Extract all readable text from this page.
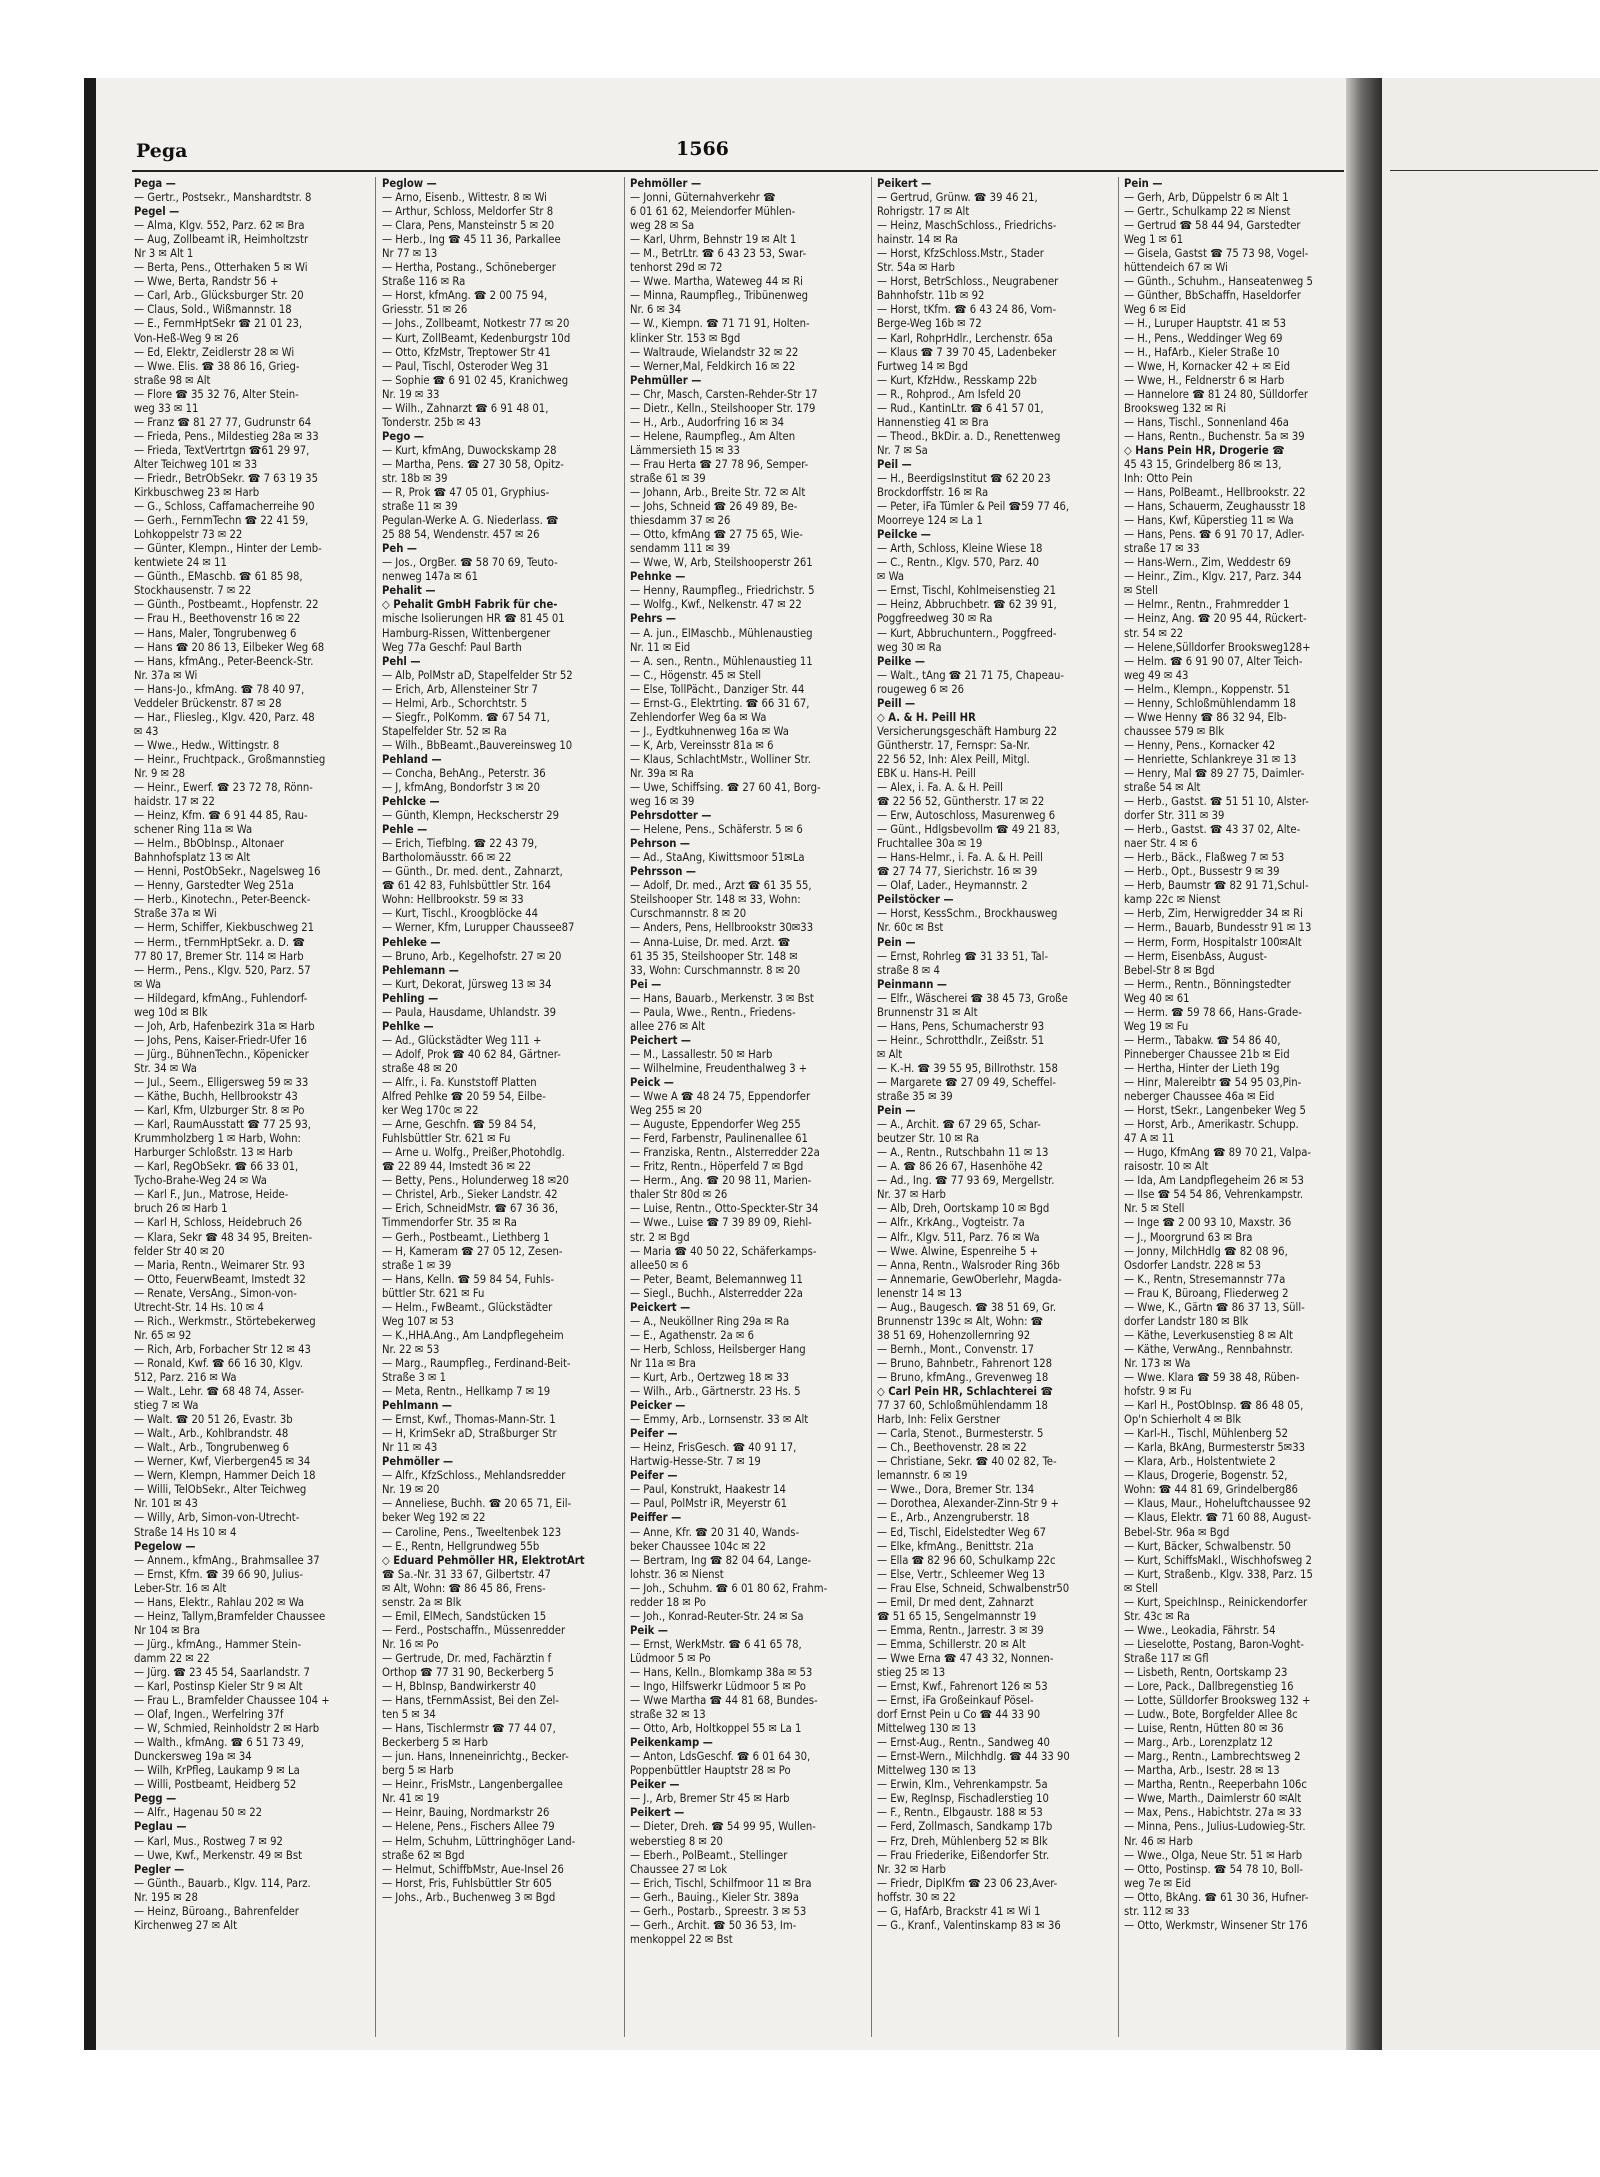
Pega	1566
Pega —
— Gertr., Postsekr., Manshardtstr. 8
Pegel —
— Alma, Klgv. 552, Parz. 62 ✉ Bra
— Aug, Zollbeamt iR, Heimholtzstr
Nr 3 ✉ Alt 1
— Berta, Pens., Otterhaken 5 ✉ Wi
— Wwe, Berta, Randstr 56 +
— Carl, Arb., Glücksburger Str. 20
— Claus, Sold., Wißmannstr. 18
— E., FernmHptSekr ☎ 21 01 23,
Von-Heß-Weg 9 ✉ 26
— Ed, Elektr, Zeidlerstr 28 ✉ Wi
— Wwe. Elis. ☎ 38 86 16, Grieg-
straße 98 ✉ Alt
— Flore ☎ 35 32 76, Alter Stein-
weg 33 ✉ 11
— Franz ☎ 81 27 77, Gudrunstr 64
— Frieda, Pens., Mildestieg 28a ✉ 33
— Frieda, TextVertrtgn ☎61 29 97,
Alter Teichweg 101 ✉ 33
— Friedr., BetrObSekr. ☎ 7 63 19 35
Kirkbuschweg 23 ✉ Harb
— G., Schloss, Caffamacherreihe 90
— Gerh., FernmTechn ☎ 22 41 59,
Lohkoppelstr 73 ✉ 22
— Günter, Klempn., Hinter der Lemb-
kentwiete 24 ✉ 11
— Günth., EMaschb. ☎ 61 85 98,
Stockhausenstr. 7 ✉ 22
— Günth., Postbeamt., Hopfenstr. 22
— Frau H., Beethovenstr 16 ✉ 22
— Hans, Maler, Tongrubenweg 6
— Hans ☎ 20 86 13, Eilbeker Weg 68
— Hans, kfmAng., Peter-Beenck-Str.
Nr. 37a ✉ Wi
— Hans-Jo., kfmAng. ☎ 78 40 97,
Veddeler Brückenstr. 87 ✉ 28
— Har., Fliesleg., Klgv. 420, Parz. 48
✉ 43
— Wwe., Hedw., Wittingstr. 8
— Heinr., Fruchtpack., Großmannstieg
Nr. 9 ✉ 28
— Heinr., Ewerf. ☎ 23 72 78, Rönn-
haidstr. 17 ✉ 22
— Heinz, Kfm. ☎ 6 91 44 85, Rau-
schener Ring 11a ✉ Wa
— Helm., BbObInsp., Altonaer
Bahnhofsplatz 13 ✉ Alt
— Henni, PostObSekr., Nagelsweg 16
— Henny, Garstedter Weg 251a
— Herb., Kinotechn., Peter-Beenck-
Straße 37a ✉ Wi
— Herm, Schiffer, Kiekbuschweg 21
— Herm., tFernmHptSekr. a. D. ☎
77 80 17, Bremer Str. 114 ✉ Harb
— Herm., Pens., Klgv. 520, Parz. 57
✉ Wa
— Hildegard, kfmAng., Fuhlendorf-
weg 10d ✉ Blk
— Joh, Arb, Hafenbezirk 31a ✉ Harb
— Johs, Pens, Kaiser-Friedr-Ufer 16
— Jürg., BühnenTechn., Köpenicker
Str. 34 ✉ Wa
— Jul., Seem., Elligersweg 59 ✉ 33
— Käthe, Buchh, Hellbrookstr 43
— Karl, Kfm, Ulzburger Str. 8 ✉ Po
— Karl, RaumAusstatt ☎ 77 25 93,
Krummholzberg 1 ✉ Harb, Wohn:
Harburger Schloßstr. 13 ✉ Harb
— Karl, RegObSekr. ☎ 66 33 01,
Tycho-Brahe-Weg 24 ✉ Wa
— Karl F., Jun., Matrose, Heide-
bruch 26 ✉ Harb 1
— Karl H, Schloss, Heidebruch 26
— Klara, Sekr ☎ 48 34 95, Breiten-
felder Str 40 ✉ 20
— Maria, Rentn., Weimarer Str. 93
— Otto, FeuerwBeamt, Imstedt 32
— Renate, VersAng., Simon-von-
Utrecht-Str. 14 Hs. 10 ✉ 4
— Rich., Werkmstr., Störtebekerweg
Nr. 65 ✉ 92
— Rich, Arb, Forbacher Str 12 ✉ 43
— Ronald, Kwf. ☎ 66 16 30, Klgv.
512, Parz. 216 ✉ Wa
— Walt., Lehr. ☎ 68 48 74, Asser-
stieg 7 ✉ Wa
— Walt. ☎ 20 51 26, Evastr. 3b
— Walt., Arb., Kohlbrandstr. 48
— Walt., Arb., Tongrubenweg 6
— Werner, Kwf, Vierbergen45 ✉ 34
— Wern, Klempn, Hammer Deich 18
— Willi, TelObSekr., Alter Teichweg
Nr. 101 ✉ 43
— Willy, Arb, Simon-von-Utrecht-
Straße 14 Hs 10 ✉ 4
Pegelow —
— Annem., kfmAng., Brahmsallee 37
— Ernst, Kfm. ☎ 39 66 90, Julius-
Leber-Str. 16 ✉ Alt
— Hans, Elektr., Rahlau 202 ✉ Wa
— Heinz, Tallym,Bramfelder Chaussee
Nr 104 ✉ Bra
— Jürg., kfmAng., Hammer Stein-
damm 22 ✉ 22
— Jürg. ☎ 23 45 54, Saarlandstr. 7
— Karl, Postinsp Kieler Str 9 ✉ Alt
— Frau L., Bramfelder Chaussee 104 +
— Olaf, Ingen., Werfelring 37f
— W, Schmied, Reinholdstr 2 ✉ Harb
— Walth., kfmAng. ☎ 6 51 73 49,
Dunckersweg 19a ✉ 34
— Wilh, KrPfleg, Laukamp 9 ✉ La
— Willi, Postbeamt, Heidberg 52
Pegg —
— Alfr., Hagenau 50 ✉ 22
Peglau —
— Karl, Mus., Rostweg 7 ✉ 92
— Uwe, Kwf., Merkenstr. 49 ✉ Bst
Pegler —
— Günth., Bauarb., Klgv. 114, Parz.
Nr. 195 ✉ 28
— Heinz, Büroang., Bahrenfelder
Kirchenweg 27 ✉ Alt
Peglow —
— Arno, Eisenb., Wittestr. 8 ✉ Wi
— Arthur, Schloss, Meldorfer Str 8
— Clara, Pens, Mansteinstr 5 ✉ 20
— Herb., Ing ☎ 45 11 36, Parkallee
Nr 77 ✉ 13
— Hertha, Postang., Schöneberger
Straße 116 ✉ Ra
— Horst, kfmAng. ☎ 2 00 75 94,
Griesstr. 51 ✉ 26
— Johs., Zollbeamt, Notkestr 77 ✉ 20
— Kurt, ZollBeamt, Kedenburgstr 10d
— Otto, KfzMstr, Treptower Str 41
— Paul, Tischl, Osteroder Weg 31
— Sophie ☎ 6 91 02 45, Kranichweg
Nr. 19 ✉ 33
— Wilh., Zahnarzt ☎ 6 91 48 01,
Tonderstr. 25b ✉ 43
Pego —
— Kurt, kfmAng, Duwockskamp 28
— Martha, Pens. ☎ 27 30 58, Opitz-
str. 18b ✉ 39
— R, Prok ☎ 47 05 01, Gryphius-
straße 11 ✉ 39
Pegulan-Werke A. G. Niederlass. ☎
25 88 54, Wendenstr. 457 ✉ 26
Peh —
— Jos., OrgBer. ☎ 58 70 69, Teuto-
nenweg 147a ✉ 61
Pehalit —
◇ Pehalit GmbH Fabrik für che-
mische Isolierungen HR ☎ 81 45 01
Hamburg-Rissen, Wittenbergener
Weg 77a Geschf: Paul Barth
Pehl —
— Alb, PolMstr aD, Stapelfelder Str 52
— Erich, Arb, Allensteiner Str 7
— Helmi, Arb., Schorchtstr. 5
— Siegfr., PolKomm. ☎ 67 54 71,
Stapelfelder Str. 52 ✉ Ra
— Wilh., BbBeamt.,Bauvereinsweg 10
Pehland —
— Concha, BehAng., Peterstr. 36
— J, kfmAng, Bondorfstr 3 ✉ 20
Pehlcke —
— Günth, Klempn, Heckscherstr 29
Pehle —
— Erich, Tiefblng. ☎ 22 43 79,
Bartholomäusstr. 66 ✉ 22
— Günth., Dr. med. dent., Zahnarzt,
☎ 61 42 83, Fuhlsbüttler Str. 164
Wohn: Hellbrookstr. 59 ✉ 33
— Kurt, Tischl., Kroogblöcke 44
— Werner, Kfm, Lurupper Chaussee87
Pehleke —
— Bruno, Arb., Kegelhofstr. 27 ✉ 20
Pehlemann —
— Kurt, Dekorat, Jürsweg 13 ✉ 34
Pehling —
— Paula, Hausdame, Uhlandstr. 39
Pehlke —
— Ad., Glückstädter Weg 111 +
— Adolf, Prok ☎ 40 62 84, Gärtner-
straße 48 ✉ 20
— Alfr., i. Fa. Kunststoff Platten
Alfred Pehlke ☎ 20 59 54, Eilbe-
ker Weg 170c ✉ 22
— Arne, Geschfn. ☎ 59 84 54,
Fuhlsbüttler Str. 621 ✉ Fu
— Arne u. Wolfg., Preißer,Photohdlg.
☎ 22 89 44, Imstedt 36 ✉ 22
— Betty, Pens., Holunderweg 18 ✉20
— Christel, Arb., Sieker Landstr. 42
— Erich, SchneidMstr. ☎ 67 36 36,
Timmendorfer Str. 35 ✉ Ra
— Gerh., Postbeamt., Liethberg 1
— H, Kameram ☎ 27 05 12, Zesen-
straße 1 ✉ 39
— Hans, Kelln. ☎ 59 84 54, Fuhls-
büttler Str. 621 ✉ Fu
— Helm., FwBeamt., Glückstädter
Weg 107 ✉ 53
— K.,HHA.Ang., Am Landpflegeheim
Nr. 22 ✉ 53
— Marg., Raumpfleg., Ferdinand-Beit-
Straße 3 ✉ 1
— Meta, Rentn., Hellkamp 7 ✉ 19
Pehlmann —
— Ernst, Kwf., Thomas-Mann-Str. 1
— H, KrimSekr aD, Straßburger Str
Nr 11 ✉ 43
Pehmöller —
— Alfr., KfzSchloss., Mehlandsredder
Nr. 19 ✉ 20
— Anneliese, Buchh. ☎ 20 65 71, Eil-
beker Weg 192 ✉ 22
— Caroline, Pens., Tweeltenbek 123
— E., Rentn, Hellgrundweg 55b
◇ Eduard Pehmöller HR, ElektrotArt
☎ Sa.-Nr. 31 33 67, Gilbertstr. 47
✉ Alt, Wohn: ☎ 86 45 86, Frens-
senstr. 2a ✉ Blk
— Emil, ElMech, Sandstücken 15
— Ferd., Postschaffn., Müssenredder
Nr. 16 ✉ Po
— Gertrude, Dr. med, Fachärztin f
Orthop ☎ 77 31 90, Beckerberg 5
— H, BbInsp, Bandwirkerstr 40
— Hans, tFernmAssist, Bei den Zel-
ten 5 ✉ 34
— Hans, Tischlermstr ☎ 77 44 07,
Beckerberg 5 ✉ Harb
— jun. Hans, Inneneinrichtg., Becker-
berg 5 ✉ Harb
— Heinr., FrisMstr., Langenbergallee
Nr. 41 ✉ 19
— Heinr, Bauing, Nordmarkstr 26
— Helene, Pens., Fischers Allee 79
— Helm, Schuhm, Lüttringhöger Land-
straße 62 ✉ Bgd
— Helmut, SchiffbMstr, Aue-Insel 26
— Horst, Fris, Fuhlsbüttler Str 605
— Johs., Arb., Buchenweg 3 ✉ Bgd
Pehmöller —
— Jonni, Güternahverkehr ☎
6 01 61 62, Meiendorfer Mühlen-
weg 28 ✉ Sa
— Karl, Uhrm, Behnstr 19 ✉ Alt 1
— M., BetrLtr. ☎ 6 43 23 53, Swar-
tenhorst 29d ✉ 72
— Wwe. Martha, Wateweg 44 ✉ Ri
— Minna, Raumpfleg., Tribünenweg
Nr. 6 ✉ 34
— W., Kiempn. ☎ 71 71 91, Holten-
klinker Str. 153 ✉ Bgd
— Waltraude, Wielandstr 32 ✉ 22
— Werner,Mal, Feldkirch 16 ✉ 22
Pehmüller —
— Chr, Masch, Carsten-Rehder-Str 17
— Dietr., Kelln., Steilshooper Str. 179
— H., Arb., Audorfring 16 ✉ 34
— Helene, Raumpfleg., Am Alten
Lämmersieth 15 ✉ 33
— Frau Herta ☎ 27 78 96, Semper-
straße 61 ✉ 39
— Johann, Arb., Breite Str. 72 ✉ Alt
— Johs, Schneid ☎ 26 49 89, Be-
thiesdamm 37 ✉ 26
— Otto, kfmAng ☎ 27 75 65, Wie-
sendamm 111 ✉ 39
— Wwe, W, Arb, Steilshooperstr 261
Pehnke —
— Henny, Raumpfleg., Friedrichstr. 5
— Wolfg., Kwf., Nelkenstr. 47 ✉ 22
Pehrs —
— A. jun., ElMaschb., Mühlenaustieg
Nr. 11 ✉ Eid
— A. sen., Rentn., Mühlenaustieg 11
— C., Högenstr. 45 ✉ Stell
— Else, TollPächt., Danziger Str. 44
— Ernst-G., Elektrting. ☎ 66 31 67,
Zehlendorfer Weg 6a ✉ Wa
— J., Eydtkuhnenweg 16a ✉ Wa
— K, Arb, Vereinsstr 81a ✉ 6
— Klaus, SchlachtMstr., Wolliner Str.
Nr. 39a ✉ Ra
— Uwe, Schiffsing. ☎ 27 60 41, Borg-
weg 16 ✉ 39
Pehrsdotter —
— Helene, Pens., Schäferstr. 5 ✉ 6
Pehrson —
— Ad., StaAng, Kiwittsmoor 51✉La
Pehrsson —
— Adolf, Dr. med., Arzt ☎ 61 35 55,
Steilshooper Str. 148 ✉ 33, Wohn:
Curschmannstr. 8 ✉ 20
— Anders, Pens, Hellbrookstr 30✉33
— Anna-Luise, Dr. med. Arzt. ☎
61 35 35, Steilshooper Str. 148 ✉
33, Wohn: Curschmannstr. 8 ✉ 20
Pei —
— Hans, Bauarb., Merkenstr. 3 ✉ Bst
— Paula, Wwe., Rentn., Friedens-
allee 276 ✉ Alt
Peichert —
— M., Lassallestr. 50 ✉ Harb
— Wilhelmine, Freudenthalweg 3 +
Peick —
— Wwe A ☎ 48 24 75, Eppendorfer
Weg 255 ✉ 20
— Auguste, Eppendorfer Weg 255
— Ferd, Farbenstr, Paulinenallee 61
— Franziska, Rentn., Alsterredder 22a
— Fritz, Rentn., Höperfeld 7 ✉ Bgd
— Herm., Ang. ☎ 20 98 11, Marien-
thaler Str 80d ✉ 26
— Luise, Rentn., Otto-Speckter-Str 34
— Wwe., Luise ☎ 7 39 89 09, Riehl-
str. 2 ✉ Bgd
— Maria ☎ 40 50 22, Schäferkamps-
allee50 ✉ 6
— Peter, Beamt, Belemannweg 11
— Siegl., Buchh., Alsterredder 22a
Peickert —
— A., Neuköllner Ring 29a ✉ Ra
— E., Agathenstr. 2a ✉ 6
— Herb, Schloss, Heilsberger Hang
Nr 11a ✉ Bra
— Kurt, Arb., Oertzweg 18 ✉ 33
— Wilh., Arb., Gärtnerstr. 23 Hs. 5
Peicker —
— Emmy, Arb., Lornsenstr. 33 ✉ Alt
Peifer —
— Heinz, FrisGesch. ☎ 40 91 17,
Hartwig-Hesse-Str. 7 ✉ 19
Peifer —
— Paul, Konstrukt, Haakestr 14
— Paul, PolMstr iR, Meyerstr 61
Peiffer —
— Anne, Kfr. ☎ 20 31 40, Wands-
beker Chaussee 104c ✉ 22
— Bertram, Ing ☎ 82 04 64, Lange-
lohstr. 36 ✉ Nienst
— Joh., Schuhm. ☎ 6 01 80 62, Frahm-
redder 18 ✉ Po
— Joh., Konrad-Reuter-Str. 24 ✉ Sa
Peik —
— Ernst, WerkMstr. ☎ 6 41 65 78,
Lüdmoor 5 ✉ Po
— Hans, Kelln., Blomkamp 38a ✉ 53
— Ingo, Hilfswerkr Lüdmoor 5 ✉ Po
— Wwe Martha ☎ 44 81 68, Bundes-
straße 32 ✉ 13
— Otto, Arb, Holtkoppel 55 ✉ La 1
Peikenkamp —
— Anton, LdsGeschf. ☎ 6 01 64 30,
Poppenbüttler Hauptstr 28 ✉ Po
Peiker —
— J., Arb, Bremer Str 45 ✉ Harb
Peikert —
— Dieter, Dreh. ☎ 54 99 95, Wullen-
weberstieg 8 ✉ 20
— Eberh., PolBeamt., Stellinger
Chaussee 27 ✉ Lok
— Erich, Tischl, Schilfmoor 11 ✉ Bra
— Gerh., Bauing., Kieler Str. 389a
— Gerh., Postarb., Spreestr. 3 ✉ 53
— Gerh., Archit. ☎ 50 36 53, Im-
menkoppel 22 ✉ Bst
Peikert —
— Gertrud, Grünw. ☎ 39 46 21,
Rohrigstr. 17 ✉ Alt
— Heinz, MaschSchloss., Friedrichs-
hainstr. 14 ✉ Ra
— Horst, KfzSchloss.Mstr., Stader
Str. 54a ✉ Harb
— Horst, BetrSchloss., Neugrabener
Bahnhofstr. 11b ✉ 92
— Horst, tKfm. ☎ 6 43 24 86, Vom-
Berge-Weg 16b ✉ 72
— Karl, RohprHdlr., Lerchenstr. 65a
— Klaus ☎ 7 39 70 45, Ladenbeker
Furtweg 14 ✉ Bgd
— Kurt, KfzHdw., Resskamp 22b
— R., Rohprod., Am Isfeld 20
— Rud., KantinLtr. ☎ 6 41 57 01,
Hannenstieg 41 ✉ Bra
— Theod., BkDir. a. D., Renettenweg
Nr. 7 ✉ Sa
Peil —
— H., BeerdigsInstitut ☎ 62 20 23
Brockdorffstr. 16 ✉ Ra
— Peter, iFa Tümler & Peil ☎59 77 46,
Moorreye 124 ✉ La 1
Peilcke —
— Arth, Schloss, Kleine Wiese 18
— C., Rentn., Klgv. 570, Parz. 40
✉ Wa
— Ernst, Tischl, Kohlmeisenstieg 21
— Heinz, Abbruchbetr. ☎ 62 39 91,
Poggfreedweg 30 ✉ Ra
— Kurt, Abbruchuntern., Poggfreed-
weg 30 ✉ Ra
Peilke —
— Walt., tAng ☎ 21 71 75, Chapeau-
rougeweg 6 ✉ 26
Peill —
◇ A. & H. Peill HR
Versicherungsgeschäft Hamburg 22
Güntherstr. 17, Fernspr: Sa-Nr.
22 56 52, Inh: Alex Peill, Mitgl.
EBK u. Hans-H. Peill
— Alex, i. Fa. A. & H. Peill
☎ 22 56 52, Güntherstr. 17 ✉ 22
— Erw, Autoschloss, Masurenweg 6
— Günt., Hdlgsbevollm ☎ 49 21 83,
Fruchtallee 30a ✉ 19
— Hans-Helmr., i. Fa. A. & H. Peill
☎ 27 74 77, Sierichstr. 16 ✉ 39
— Olaf, Lader., Heymannstr. 2
Peilstöcker —
— Horst, KessSchm., Brockhausweg
Nr. 60c ✉ Bst
Pein —
— Ernst, Rohrleg ☎ 31 33 51, Tal-
straße 8 ✉ 4
Peinmann —
— Elfr., Wäscherei ☎ 38 45 73, Große
Brunnenstr 31 ✉ Alt
— Hans, Pens, Schumacherstr 93
— Heinr., Schrotthdlr., Zeißstr. 51
✉ Alt
— K.-H. ☎ 39 55 95, Billrothstr. 158
— Margarete ☎ 27 09 49, Scheffel-
straße 35 ✉ 39
Pein —
— A., Archit. ☎ 67 29 65, Schar-
beutzer Str. 10 ✉ Ra
— A., Rentn., Rutschbahn 11 ✉ 13
— A. ☎ 86 26 67, Hasenhöhe 42
— Ad., Ing. ☎ 77 93 69, Mergellstr.
Nr. 37 ✉ Harb
— Alb, Dreh, Oortskamp 10 ✉ Bgd
— Alfr., KrkAng., Vogteistr. 7a
— Alfr., Klgv. 511, Parz. 76 ✉ Wa
— Wwe. Alwine, Espenreihe 5 +
— Anna, Rentn., Walsroder Ring 36b
— Annemarie, GewOberlehr, Magda-
lenenstr 14 ✉ 13
— Aug., Baugesch. ☎ 38 51 69, Gr.
Brunnenstr 139c ✉ Alt, Wohn: ☎
38 51 69, Hohenzollernring 92
— Bernh., Mont., Convenstr. 17
— Bruno, Bahnbetr., Fahrenort 128
— Bruno, kfmAng., Grevenweg 18
◇ Carl Pein HR, Schlachterei ☎
77 37 60, Schloßmühlendamm 18
Harb, Inh: Felix Gerstner
— Carla, Stenot., Burmesterstr. 5
— Ch., Beethovenstr. 28 ✉ 22
— Christiane, Sekr. ☎ 40 02 82, Te-
lemannstr. 6 ✉ 19
— Wwe., Dora, Bremer Str. 134
— Dorothea, Alexander-Zinn-Str 9 +
— E., Arb., Anzengruberstr. 18
— Ed, Tischl, Eidelstedter Weg 67
— Elke, kfmAng., Benittstr. 21a
— Ella ☎ 82 96 60, Schulkamp 22c
— Else, Vertr., Schleemer Weg 13
— Frau Else, Schneid, Schwalbenstr50
— Emil, Dr med dent, Zahnarzt
☎ 51 65 15, Sengelmannstr 19
— Emma, Rentn., Jarrestr. 3 ✉ 39
— Emma, Schillerstr. 20 ✉ Alt
— Wwe Erna ☎ 47 43 32, Nonnen-
stieg 25 ✉ 13
— Ernst, Kwf., Fahrenort 126 ✉ 53
— Ernst, iFa Großeinkauf Pösel-
dorf Ernst Pein u Co ☎ 44 33 90
Mittelweg 130 ✉ 13
— Ernst-Aug., Rentn., Sandweg 40
— Ernst-Wern., Milchhdlg. ☎ 44 33 90
Mittelweg 130 ✉ 13
— Erwin, Klm., Vehrenkampstr. 5a
— Ew, RegInsp, Fischadlerstieg 10
— F., Rentn., Elbgaustr. 188 ✉ 53
— Ferd, Zollmasch, Sandkamp 17b
— Frz, Dreh, Mühlenberg 52 ✉ Blk
— Frau Friederike, Eißendorfer Str.
Nr. 32 ✉ Harb
— Friedr, DiplKfm ☎ 23 06 23,Aver-
hoffstr. 30 ✉ 22
— G, HafArb, Brackstr 41 ✉ Wi 1
— G., Kranf., Valentinskamp 83 ✉ 36
Pein —
— Gerh, Arb, Düppelstr 6 ✉ Alt 1
— Gertr., Schulkamp 22 ✉ Nienst
— Gertrud ☎ 58 44 94, Garstedter
Weg 1 ✉ 61
— Gisela, Gastst ☎ 75 73 98, Vogel-
hüttendeich 67 ✉ Wi
— Günth., Schuhm., Hanseatenweg 5
— Günther, BbSchaffn, Haseldorfer
Weg 6 ✉ Eid
— H., Luruper Hauptstr. 41 ✉ 53
— H., Pens., Weddinger Weg 69
— H., HafArb., Kieler Straße 10
— Wwe, H, Kornacker 42 + ✉ Eid
— Wwe, H., Feldnerstr 6 ✉ Harb
— Hannelore ☎ 81 24 80, Sülldorfer
Brooksweg 132 ✉ Ri
— Hans, Tischl., Sonnenland 46a
— Hans, Rentn., Buchenstr. 5a ✉ 39
◇ Hans Pein HR, Drogerie ☎
45 43 15, Grindelberg 86 ✉ 13,
Inh: Otto Pein
— Hans, PolBeamt., Hellbrookstr. 22
— Hans, Schauerm, Zeughausstr 18
— Hans, Kwf, Küperstieg 11 ✉ Wa
— Hans, Pens. ☎ 6 91 70 17, Adler-
straße 17 ✉ 33
— Hans-Wern., Zim, Weddestr 69
— Heinr., Zim., Klgv. 217, Parz. 344
✉ Stell
— Helmr., Rentn., Frahmredder 1
— Heinz, Ang. ☎ 20 95 44, Rückert-
str. 54 ✉ 22
— Helene,Sülldorfer Brooksweg128+
— Helm. ☎ 6 91 90 07, Alter Teich-
weg 49 ✉ 43
— Helm., Klempn., Koppenstr. 51
— Henny, Schloßmühlendamm 18
— Wwe Henny ☎ 86 32 94, Elb-
chaussee 579 ✉ Blk
— Henny, Pens., Kornacker 42
— Henriette, Schlankreye 31 ✉ 13
— Henry, Mal ☎ 89 27 75, Daimler-
straße 54 ✉ Alt
— Herb., Gastst. ☎ 51 51 10, Alster-
dorfer Str. 311 ✉ 39
— Herb., Gastst. ☎ 43 37 02, Alte-
naer Str. 4 ✉ 6
— Herb., Bäck., Flaßweg 7 ✉ 53
— Herb., Opt., Bussestr 9 ✉ 39
— Herb, Baumstr ☎ 82 91 71,Schul-
kamp 22c ✉ Nienst
— Herb, Zim, Herwigredder 34 ✉ Ri
— Herm., Bauarb, Bundesstr 91 ✉ 13
— Herm, Form, Hospitalstr 100✉Alt
— Herm, EisenbAss, August-
Bebel-Str 8 ✉ Bgd
— Herm., Rentn., Bönningstedter
Weg 40 ✉ 61
— Herm. ☎ 59 78 66, Hans-Grade-
Weg 19 ✉ Fu
— Herm., Tabakw. ☎ 54 86 40,
Pinneberger Chaussee 21b ✉ Eid
— Hertha, Hinter der Lieth 19g
— Hinr, Malereibtr ☎ 54 95 03,Pin-
neberger Chaussee 46a ✉ Eid
— Horst, tSekr., Langenbeker Weg 5
— Horst, Arb., Amerikastr. Schupp.
47 A ✉ 11
— Hugo, KfmAng ☎ 89 70 21, Valpa-
raisostr. 10 ✉ Alt
— Ida, Am Landpflegeheim 26 ✉ 53
— Ilse ☎ 54 54 86, Vehrenkampstr.
Nr. 5 ✉ Stell
— Inge ☎ 2 00 93 10, Maxstr. 36
— J., Moorgrund 63 ✉ Bra
— Jonny, MilchHdlg ☎ 82 08 96,
Osdorfer Landstr. 228 ✉ 53
— K., Rentn, Stresemannstr 77a
— Frau K, Büroang, Fliederweg 2
— Wwe, K., Gärtn ☎ 86 37 13, Süll-
dorfer Landstr 180 ✉ Blk
— Käthe, Leverkusenstieg 8 ✉ Alt
— Käthe, VerwAng., Rennbahnstr.
Nr. 173 ✉ Wa
— Wwe. Klara ☎ 59 38 48, Rüben-
hofstr. 9 ✉ Fu
— Karl H., PostObInsp. ☎ 86 48 05,
Op'n Schierholt 4 ✉ Blk
— Karl-H., Tischl, Mühlenberg 52
— Karla, BkAng, Burmesterstr 5✉33
— Klara, Arb., Holstentwiete 2
— Klaus, Drogerie, Bogenstr. 52,
Wohn: ☎ 44 81 69, Grindelberg86
— Klaus, Maur., Hoheluftchaussee 92
— Klaus, Elektr. ☎ 71 60 88, August-
Bebel-Str. 96a ✉ Bgd
— Kurt, Bäcker, Schwalbenstr. 50
— Kurt, SchiffsMakl., Wischhofsweg 2
— Kurt, Straßenb., Klgv. 338, Parz. 15
✉ Stell
— Kurt, SpeichInsp., Reinickendorfer
Str. 43c ✉ Ra
— Wwe., Leokadia, Fährstr. 54
— Lieselotte, Postang, Baron-Voght-
Straße 117 ✉ Gfl
— Lisbeth, Rentn, Oortskamp 23
— Lore, Pack., Dallbregenstieg 16
— Lotte, Sülldorfer Brooksweg 132 +
— Ludw., Bote, Borgfelder Allee 8c
— Luise, Rentn, Hütten 80 ✉ 36
— Marg., Arb., Lorenzplatz 12
— Marg., Rentn., Lambrechtsweg 2
— Martha, Arb., Isestr. 28 ✉ 13
— Martha, Rentn., Reeperbahn 106c
— Wwe, Marth., Daimlerstr 60 ✉Alt
— Max, Pens., Habichtstr. 27a ✉ 33
— Minna, Pens., Julius-Ludowieg-Str.
Nr. 46 ✉ Harb
— Wwe., Olga, Neue Str. 51 ✉ Harb
— Otto, Postinsp. ☎ 54 78 10, Boll-
weg 7e ✉ Eid
— Otto, BkAng. ☎ 61 30 36, Hufner-
str. 112 ✉ 33
— Otto, Werkmstr, Winsener Str 176
